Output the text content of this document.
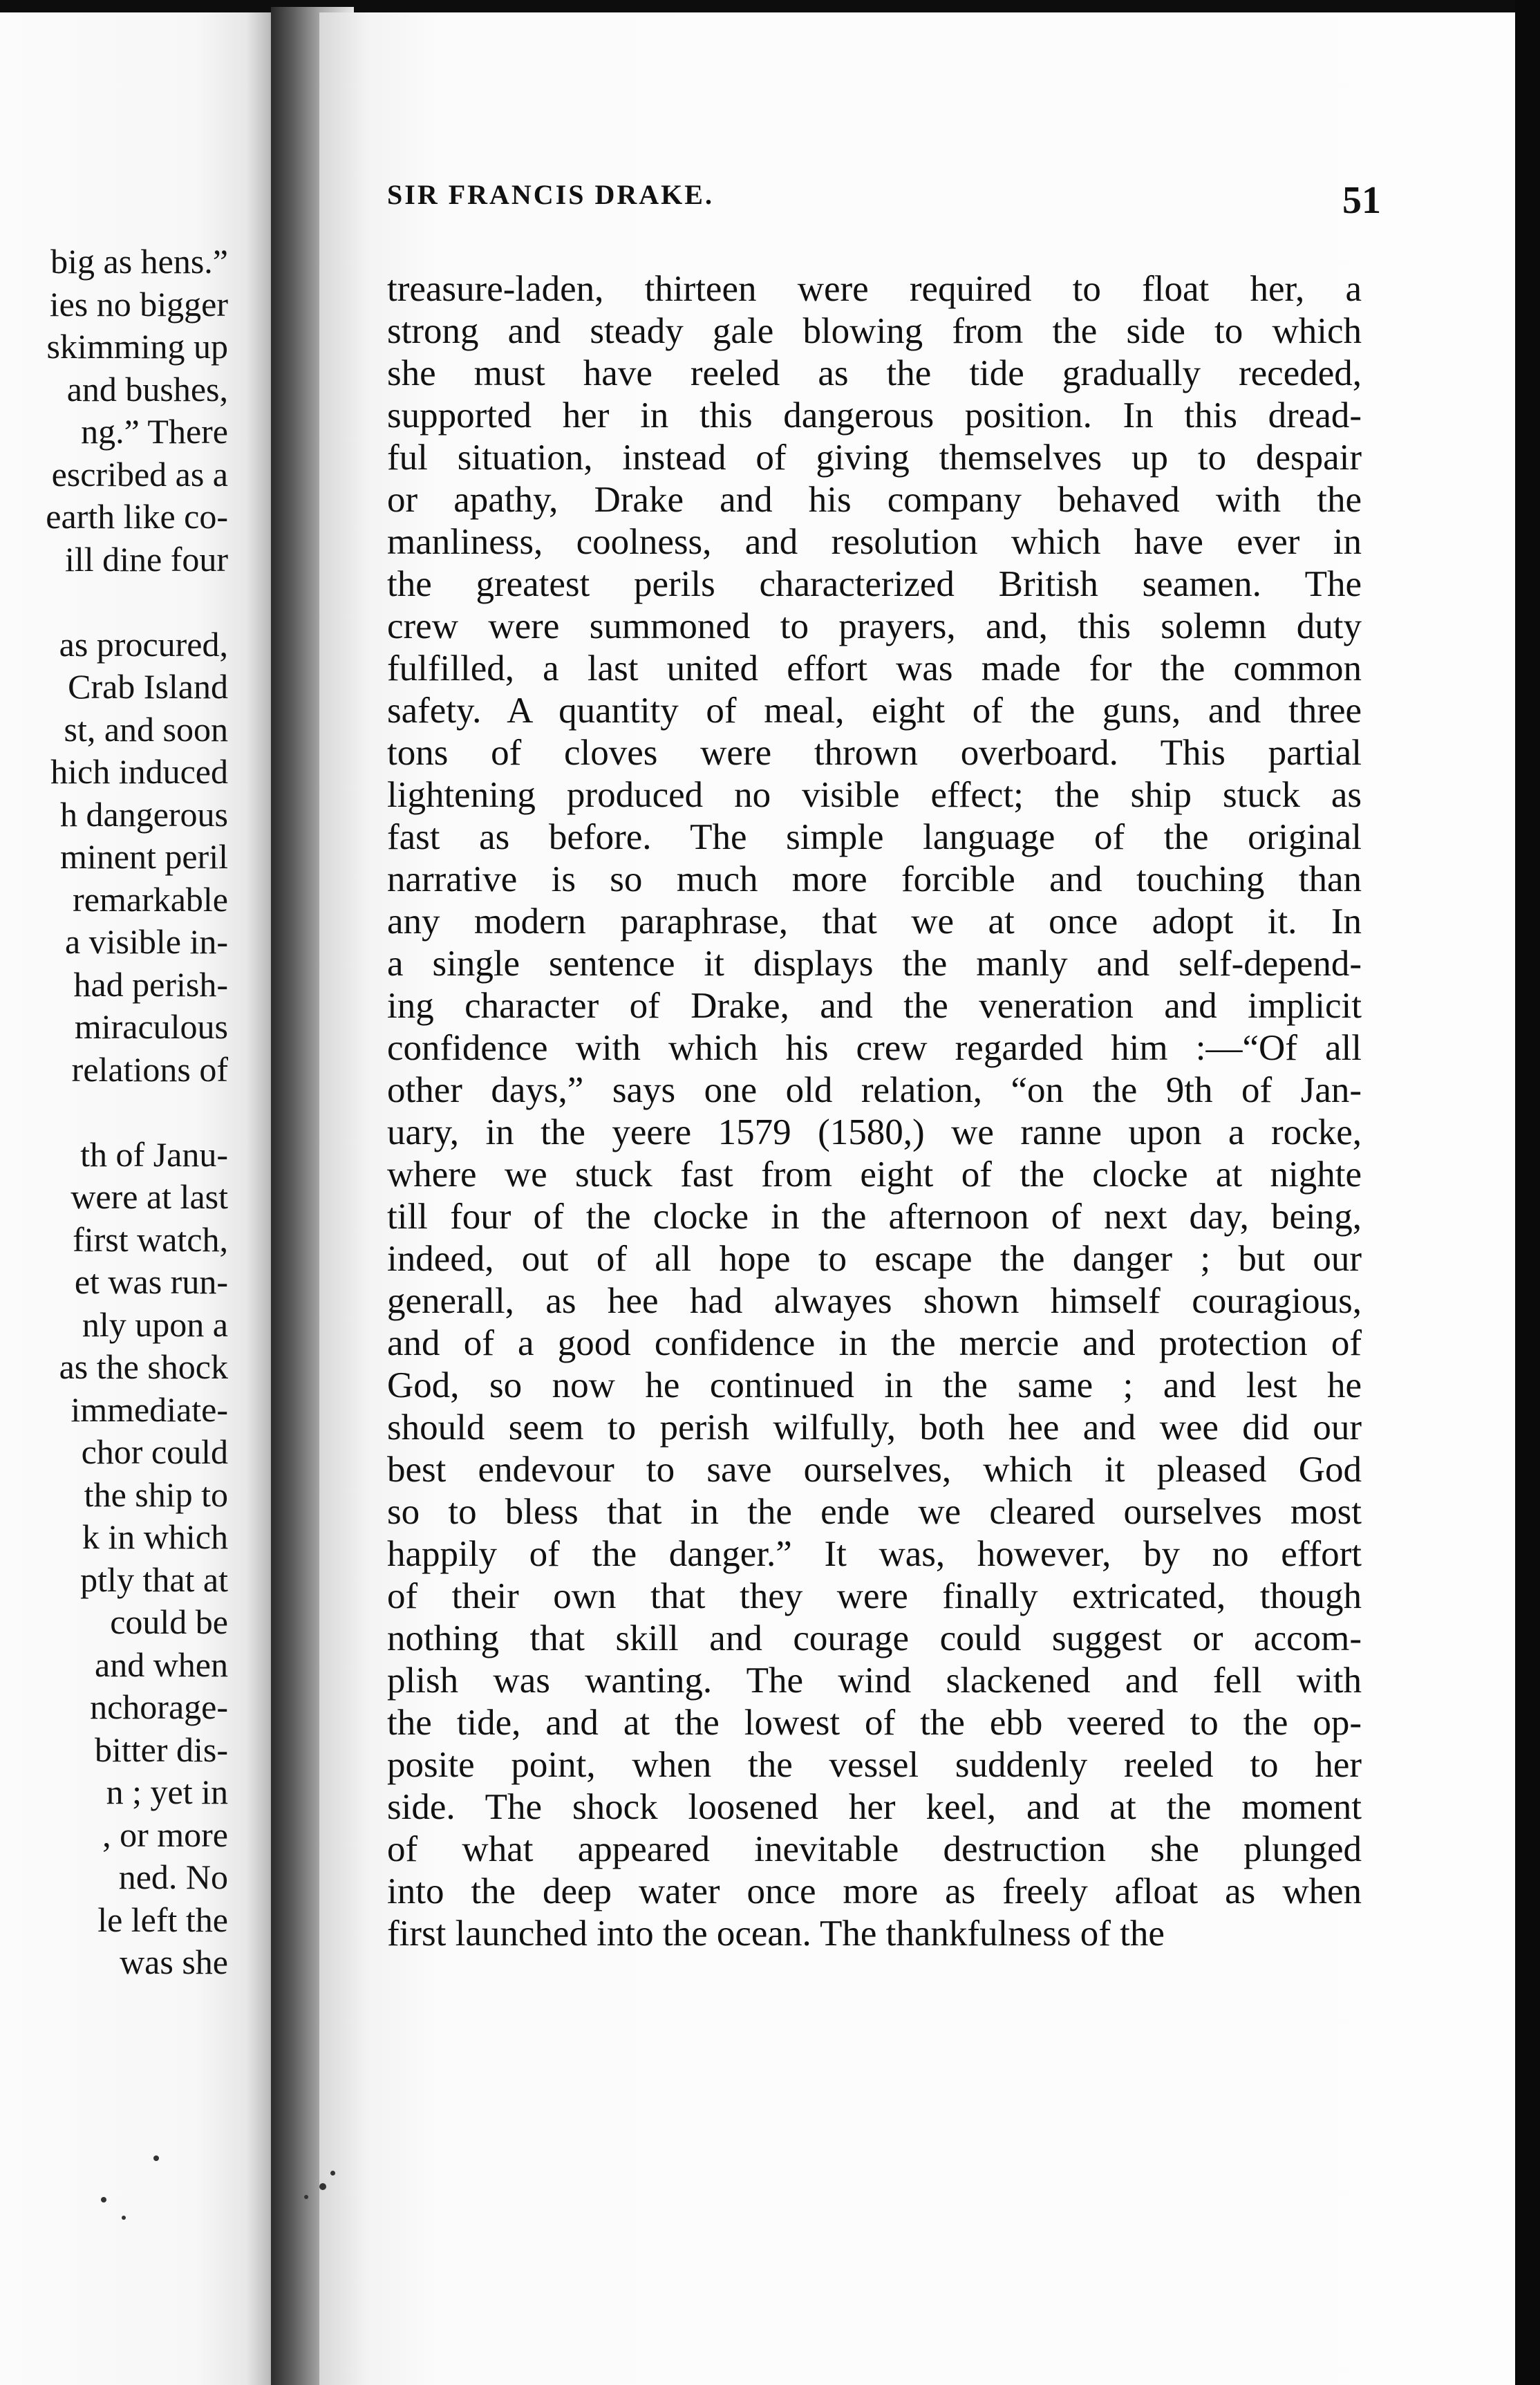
big as hens.”
ies no bigger
skimming up
and bushes,
ng.” There
escribed as a
earth like co-
ill dine four
as procured,
Crab Island
st, and soon
hich induced
h dangerous
minent peril
remarkable
a visible in-
had perish-
miraculous
relations of
th of Janu-
were at last
first watch,
et was run-
nly upon a
as the shock
immediate-
chor could
the ship to
k in which
ptly that at
could be
and when
nchorage-
bitter dis-
n ; yet in
, or more
ned. No
le left the
was she
SIR FRANCIS DRAKE.	51
treasure-laden, thirteen were required to float her, a
strong and steady gale blowing from the side to which
she must have reeled as the tide gradually receded,
supported her in this dangerous position. In this dread-
ful situation, instead of giving themselves up to despair
or apathy, Drake and his company behaved with the
manliness, coolness, and resolution which have ever in
the greatest perils characterized British seamen. The
crew were summoned to prayers, and, this solemn duty
fulfilled, a last united effort was made for the common
safety. A quantity of meal, eight of the guns, and three
tons of cloves were thrown overboard. This partial
lightening produced no visible effect; the ship stuck as
fast as before. The simple language of the original
narrative is so much more forcible and touching than
any modern paraphrase, that we at once adopt it. In
a single sentence it displays the manly and self-depend-
ing character of Drake, and the veneration and implicit
confidence with which his crew regarded him :—“Of all
other days,” says one old relation, “on the 9th of Jan-
uary, in the yeere 1579 (1580,) we ranne upon a rocke,
where we stuck fast from eight of the clocke at nighte
till four of the clocke in the afternoon of next day, being,
indeed, out of all hope to escape the danger ; but our
generall, as hee had alwayes shown himself couragious,
and of a good confidence in the mercie and protection of
God, so now he continued in the same ; and lest he
should seem to perish wilfully, both hee and wee did our
best endevour to save ourselves, which it pleased God
so to bless that in the ende we cleared ourselves most
happily of the danger.” It was, however, by no effort
of their own that they were finally extricated, though
nothing that skill and courage could suggest or accom-
plish was wanting. The wind slackened and fell with
the tide, and at the lowest of the ebb veered to the op-
posite point, when the vessel suddenly reeled to her
side. The shock loosened her keel, and at the moment
of what appeared inevitable destruction she plunged
into the deep water once more as freely afloat as when
first launched into the ocean. The thankfulness of the
